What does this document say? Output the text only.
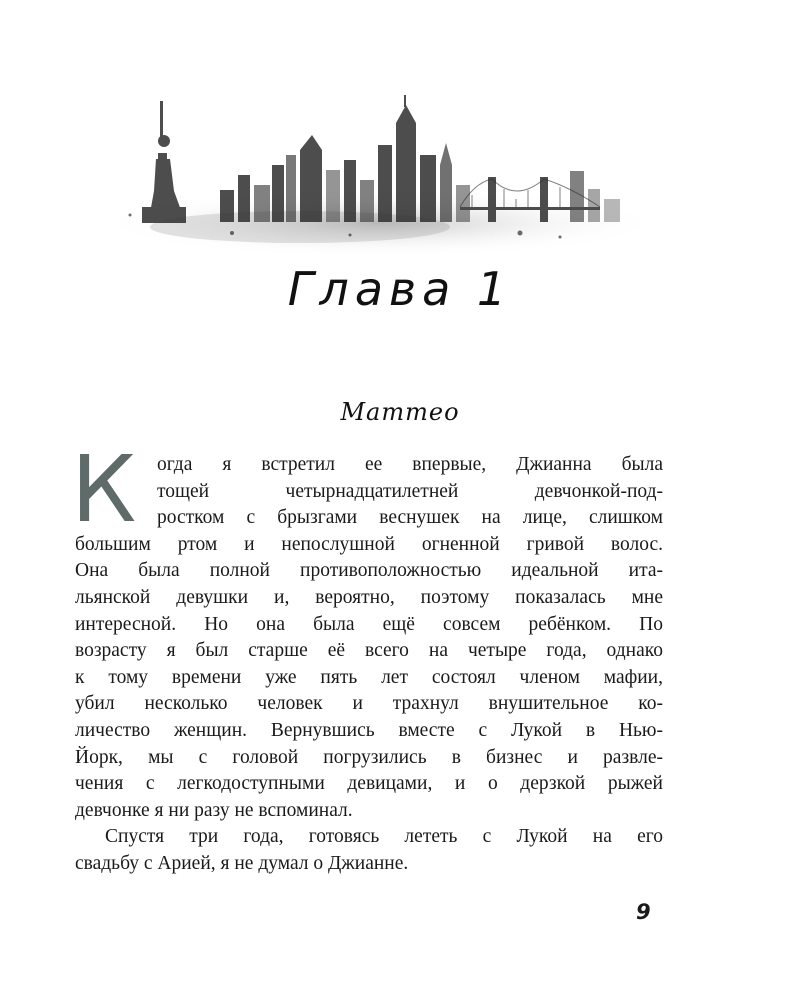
Глава 1
Маттео
К	огда я встретил ее впервые, Джианна была
тощей четырнадцатилетней девчонкой-под-
ростком с брызгами веснушек на лице, слишком
большим ртом и непослушной огненной гривой волос.
Она была полной противоположностью идеальной ита-
льянской девушки и, вероятно, поэтому показалась мне
интересной. Но она была ещё совсем ребёнком. По
возрасту я был старше её всего на четыре года, однако
к тому времени уже пять лет состоял членом мафии,
убил несколько человек и трахнул внушительное ко-
личество женщин. Вернувшись вместе с Лукой в Нью-
Йорк, мы с головой погрузились в бизнес и развле-
чения с легкодоступными девицами, и о дерзкой рыжей
девчонке я ни разу не вспоминал.
Спустя три года, готовясь лететь с Лукой на его
свадьбу с Арией, я не думал о Джианне.
9
